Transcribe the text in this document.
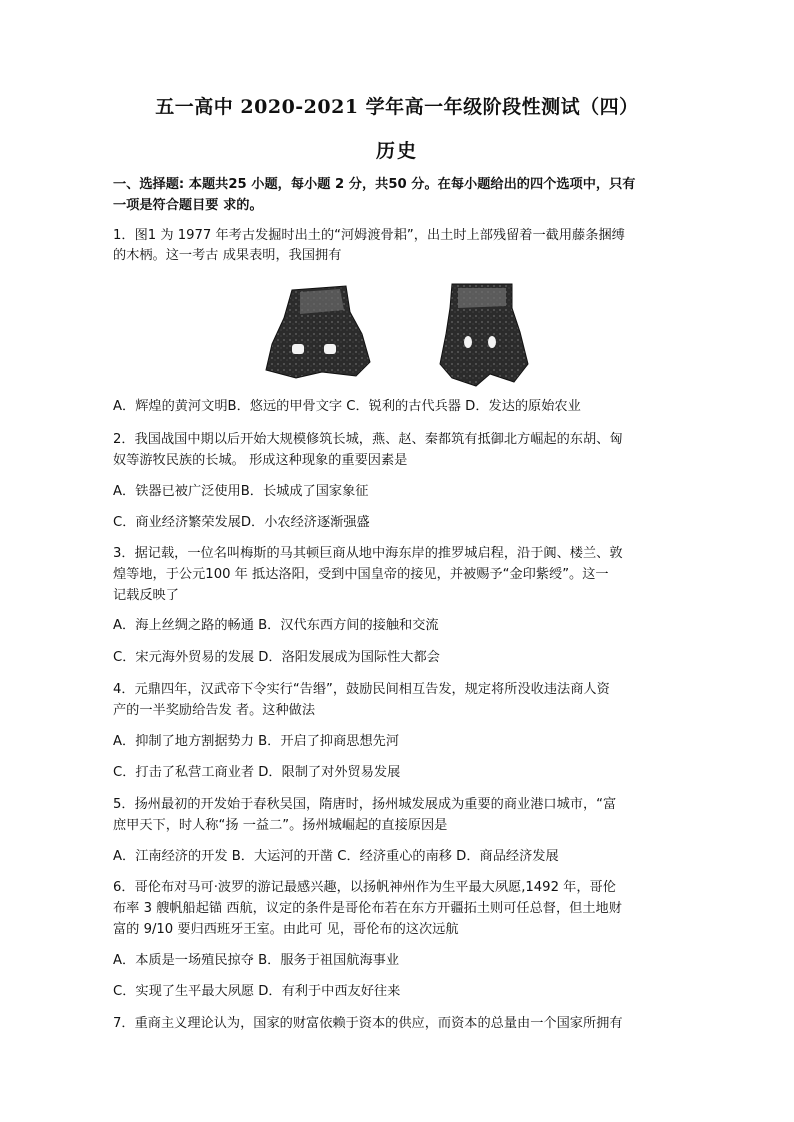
五一高中 2020-2021 学年高一年级阶段性测试（四）
历史
一、选择题: 本题共25 小题，每小题 2 分，共50 分。在每小题给出的四个选项中，只有
一项是符合题目要 求的。
1．图1 为 1977 年考古发掘时出土的“河姆渡骨耜”，出土时上部残留着一截用藤条捆缚
的木柄。这一考古 成果表明，我国拥有
A．辉煌的黄河文明B．悠远的甲骨文字 C．锐利的古代兵器 D．发达的原始农业
2．我国战国中期以后开始大规模修筑长城，燕、赵、秦都筑有抵御北方崛起的东胡、匈
奴等游牧民族的长城。 形成这种现象的重要因素是
A．铁器已被广泛使用B．长城成了国家象征
C．商业经济繁荣发展D．小农经济逐渐强盛
3．据记载，一位名叫梅斯的马其顿巨商从地中海东岸的推罗城启程，沿于阗、楼兰、敦
煌等地，于公元100 年 抵达洛阳，受到中国皇帝的接见，并被赐予“金印紫绶”。这一
记载反映了
A．海上丝绸之路的畅通 B．汉代东西方间的接触和交流
C．宋元海外贸易的发展 D．洛阳发展成为国际性大都会
4．元鼎四年，汉武帝下令实行“告缗”，鼓励民间相互告发，规定将所没收违法商人资
产的一半奖励给告发 者。这种做法
A．抑制了地方割据势力 B．开启了抑商思想先河
C．打击了私营工商业者 D．限制了对外贸易发展
5．扬州最初的开发始于春秋吴国，隋唐时，扬州城发展成为重要的商业港口城市，“富
庶甲天下，时人称“扬 一益二”。扬州城崛起的直接原因是
A．江南经济的开发 B．大运河的开凿 C．经济重心的南移 D．商品经济发展
6．哥伦布对马可·波罗的游记最感兴趣，以扬帆神州作为生平最大夙愿,1492 年，哥伦
布率 3 艘帆船起锚 西航，议定的条件是哥伦布若在东方开疆拓土则可任总督，但土地财
富的 9/10 要归西班牙王室。由此可 见，哥伦布的这次远航
A．本质是一场殖民掠夺 B．服务于祖国航海事业
C．实现了生平最大夙愿 D．有利于中西友好往来
7．重商主义理论认为，国家的财富依赖于资本的供应，而资本的总量由一个国家所拥有
